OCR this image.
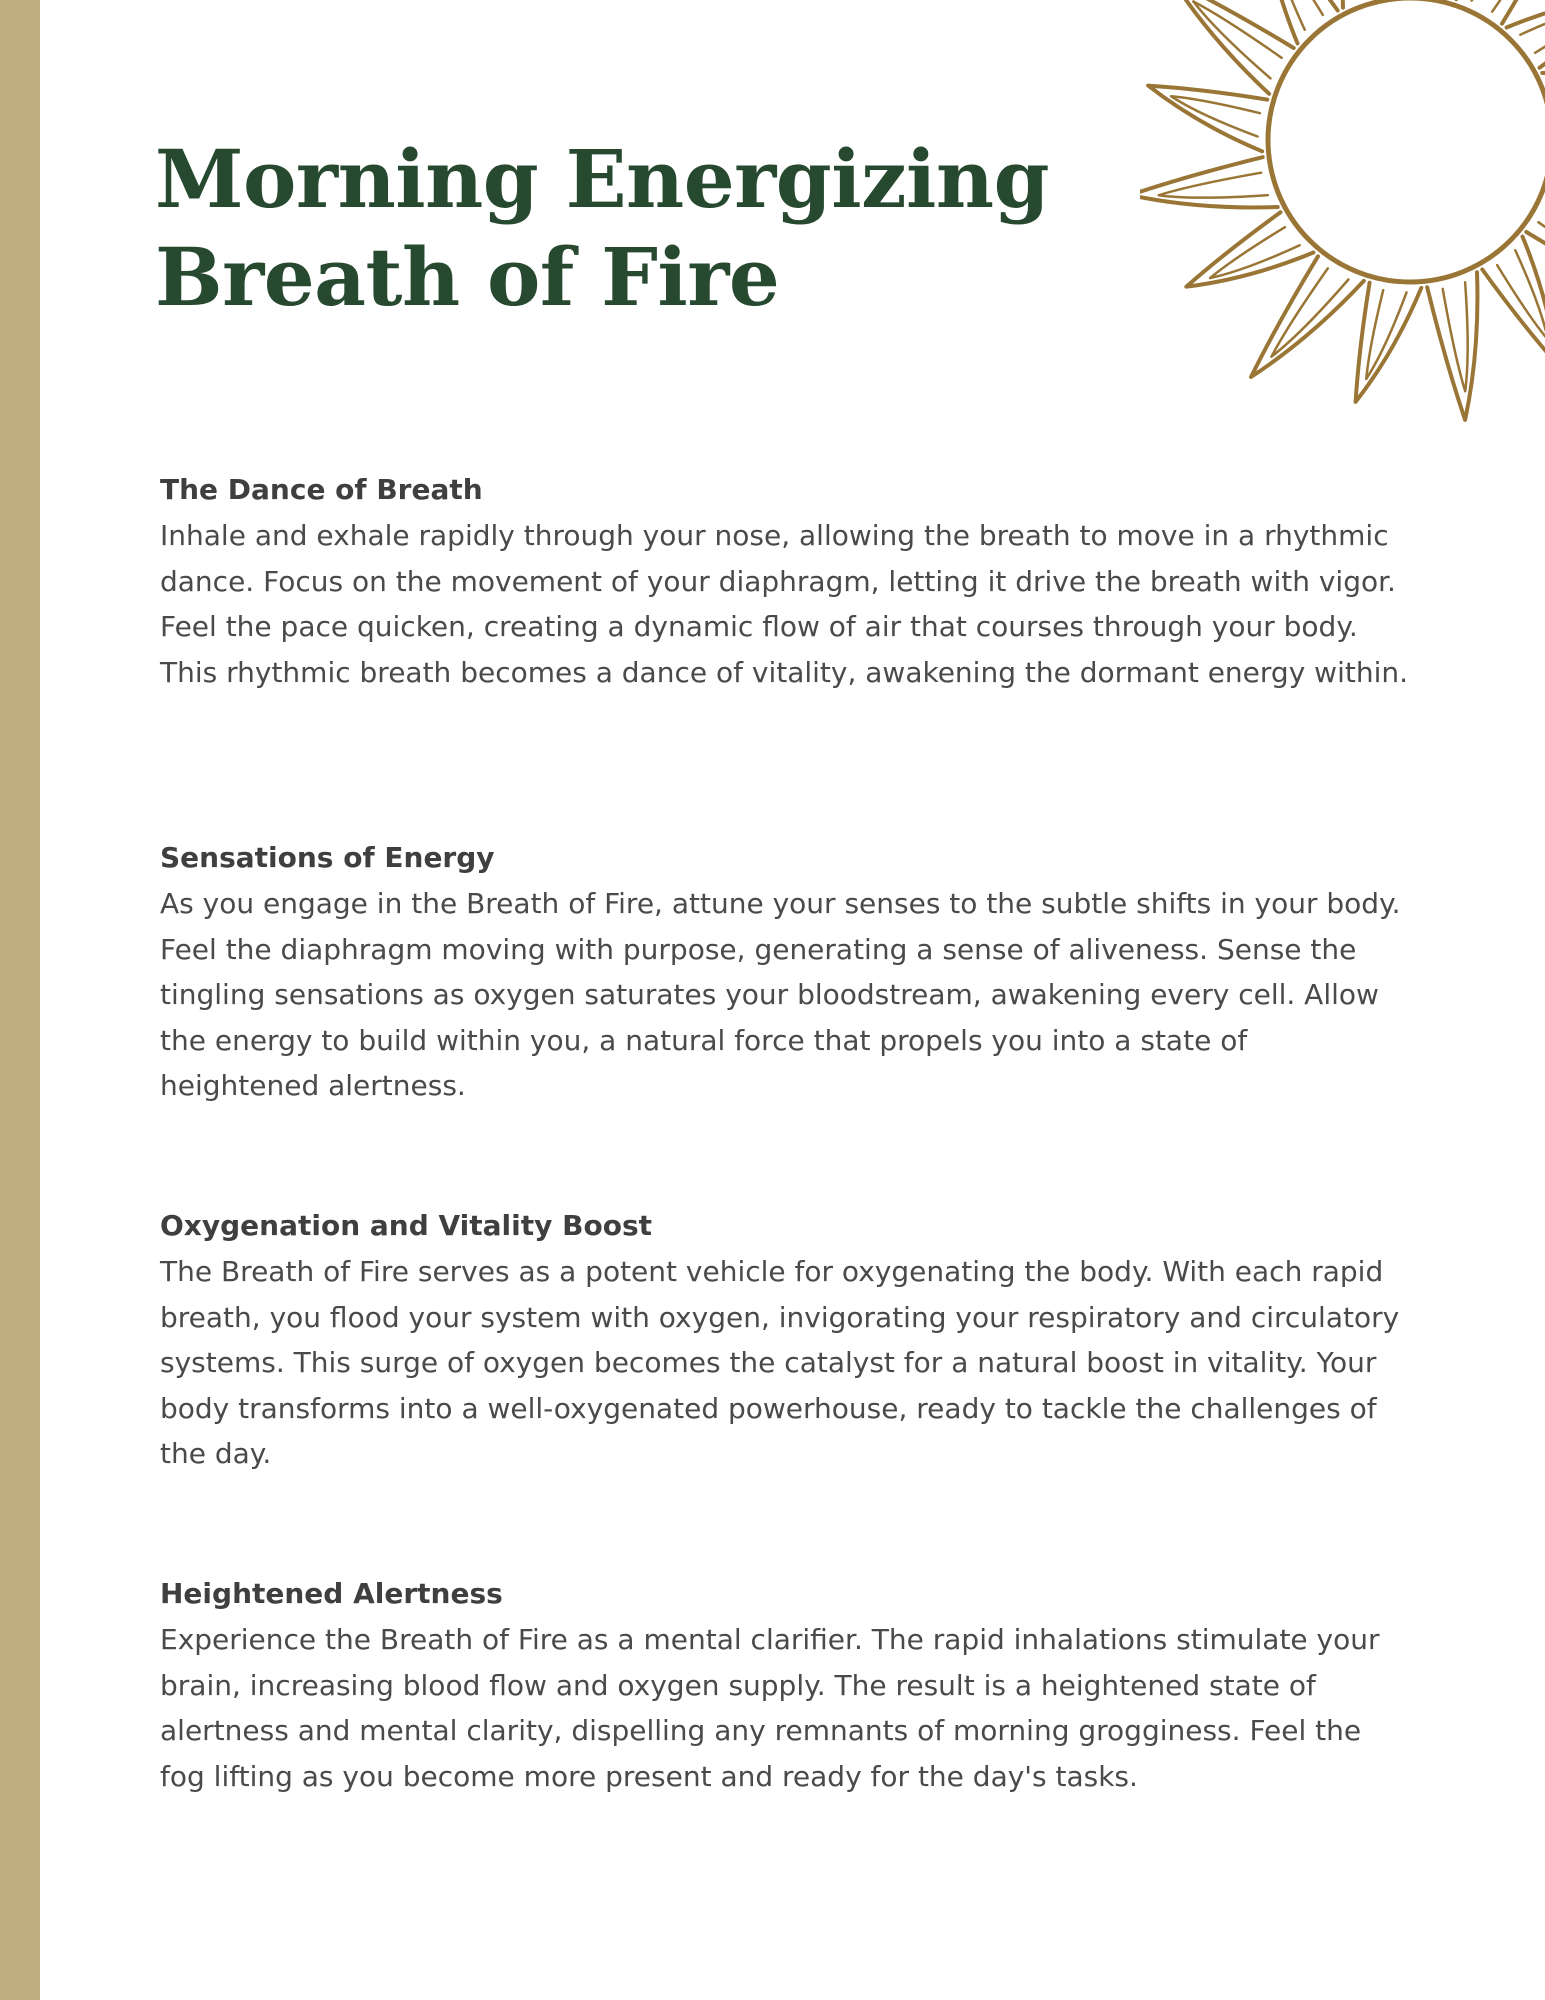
Morning Energizing
Breath of Fire
The Dance of Breath

Inhale and exhale rapidly through your nose, allowing the breath to move in a rhythmic dance. Focus on the movement of your diaphragm, letting it drive the breath with vigor. Feel the pace quicken, creating a dynamic flow of air that courses through your body. This rhythmic breath becomes a dance of vitality, awakening the dormant energy within.

Sensations of Energy

As you engage in the Breath of Fire, attune your senses to the subtle shifts in your body. Feel the diaphragm moving with purpose, generating a sense of aliveness. Sense the tingling sensations as oxygen saturates your bloodstream, awakening every cell. Allow the energy to build within you, a natural force that propels you into a state of heightened alertness.

Oxygenation and Vitality Boost

The Breath of Fire serves as a potent vehicle for oxygenating the body. With each rapid breath, you flood your system with oxygen, invigorating your respiratory and circulatory systems. This surge of oxygen becomes the catalyst for a natural boost in vitality. Your body transforms into a well-oxygenated powerhouse, ready to tackle the challenges of the day.

Heightened Alertness

Experience the Breath of Fire as a mental clarifier. The rapid inhalations stimulate your brain, increasing blood flow and oxygen supply. The result is a heightened state of alertness and mental clarity, dispelling any remnants of morning grogginess. Feel the fog lifting as you become more present and ready for the day's tasks.
